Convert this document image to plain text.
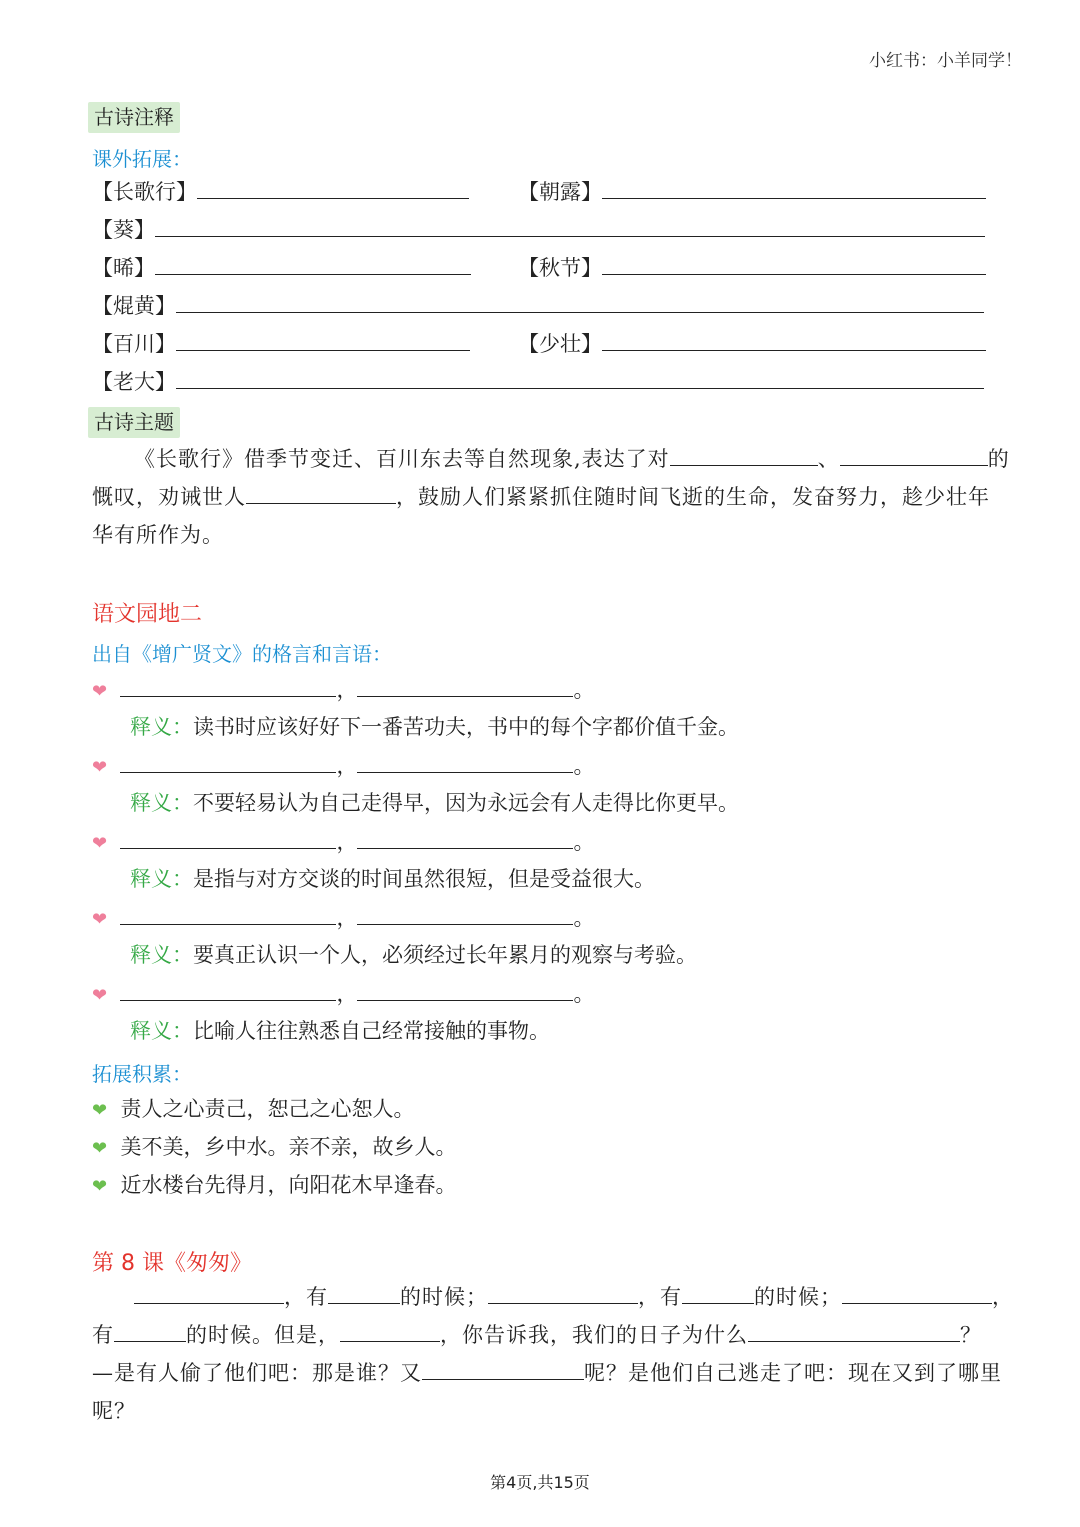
小红书：小羊同学！
古诗注释
课外拓展：
【长歌行】	【朝露】
【葵】
【晞】	【秋节】
【焜黄】
【百川】	【少壮】
【老大】
古诗主题
《长歌行》借季节变迁、百川东去等自然现象,表达了对	、	的
慨叹，劝诫世人	，鼓励人们紧紧抓住随时间飞逝的生命，发奋努力，趁少壮年
华有所作为。
语文园地二
出自《增广贤文》的格言和言语：
❤	，	。
释义：读书时应该好好下一番苦功夫，书中的每个字都价值千金。
❤	，	。
释义：不要轻易认为自己走得早，因为永远会有人走得比你更早。
❤	，	。
释义：是指与对方交谈的时间虽然很短，但是受益很大。
❤	，	。
释义：要真正认识一个人，必须经过长年累月的观察与考验。
❤	，	。
释义：比喻人往往熟悉自己经常接触的事物。
拓展积累：
❤ 责人之心责己，恕己之心恕人。
❤ 美不美，乡中水。亲不亲，故乡人。
❤ 近水楼台先得月，向阳花木早逢春。
第 8 课《匆匆》
，有	的时候；	，有	的时候；	，
有	的时候。但是，	，你告诉我，我们的日子为什么	？
—是有人偷了他们吧：那是谁？又	呢？是他们自己逃走了吧：现在又到了哪里
呢？
第4页,共15页
